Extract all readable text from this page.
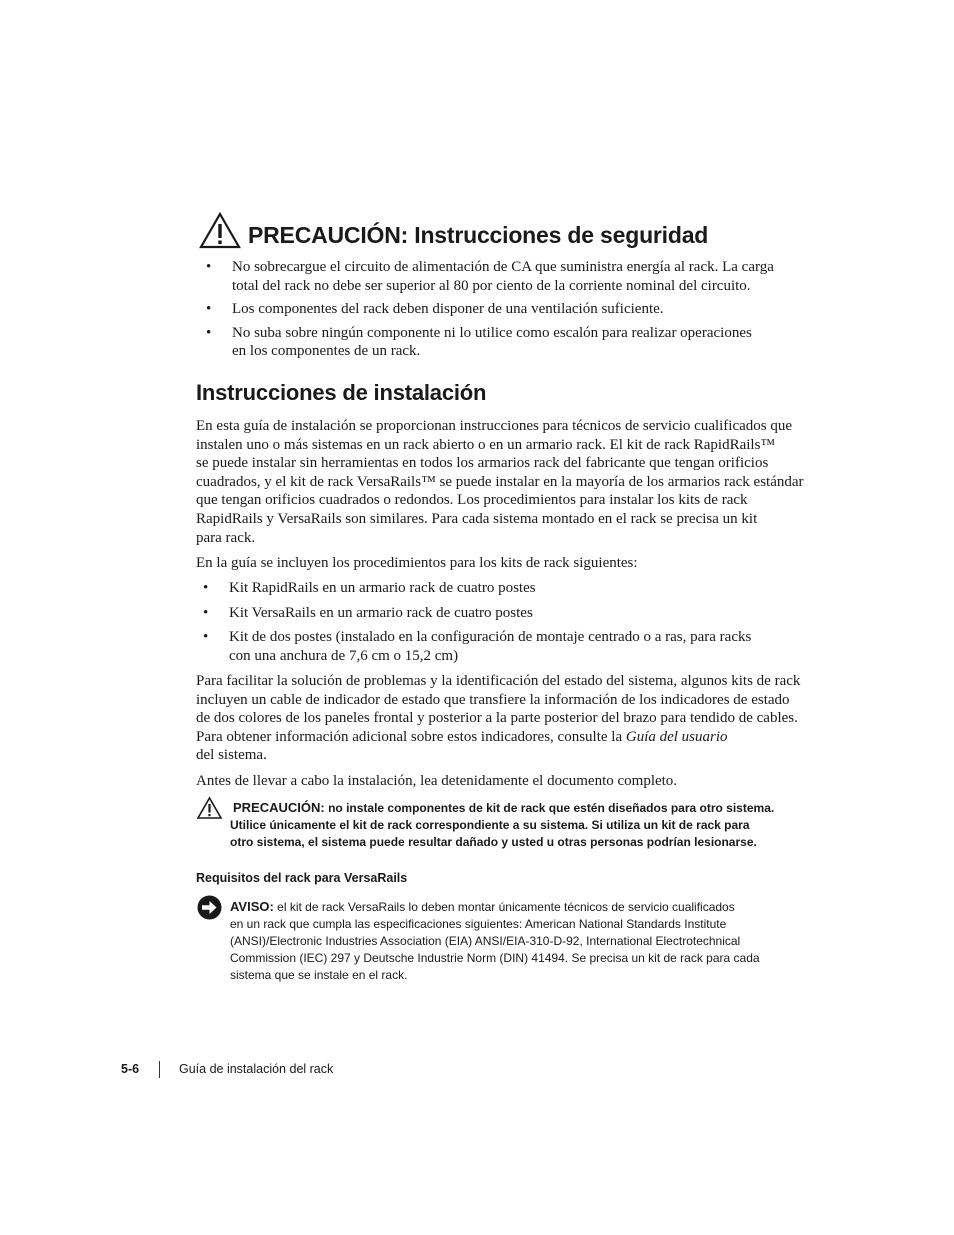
PRECAUCIÓN: Instrucciones de seguridad
• No sobrecargue el circuito de alimentación de CA que suministra energía al rack. La carga
total del rack no debe ser superior al 80 por ciento de la corriente nominal del circuito.
• Los componentes del rack deben disponer de una ventilación suficiente.
• No suba sobre ningún componente ni lo utilice como escalón para realizar operaciones
en los componentes de un rack.
Instrucciones de instalación
En esta guía de instalación se proporcionan instrucciones para técnicos de servicio cualificados que
instalen uno o más sistemas en un rack abierto o en un armario rack. El kit de rack RapidRails™
se puede instalar sin herramientas en todos los armarios rack del fabricante que tengan orificios
cuadrados, y el kit de rack VersaRails™ se puede instalar en la mayoría de los armarios rack estándar
que tengan orificios cuadrados o redondos. Los procedimientos para instalar los kits de rack
RapidRails y VersaRails son similares. Para cada sistema montado en el rack se precisa un kit
para rack.
En la guía se incluyen los procedimientos para los kits de rack siguientes:
• Kit RapidRails en un armario rack de cuatro postes
• Kit VersaRails en un armario rack de cuatro postes
• Kit de dos postes (instalado en la configuración de montaje centrado o a ras, para racks
con una anchura de 7,6 cm o 15,2 cm)
Para facilitar la solución de problemas y la identificación del estado del sistema, algunos kits de rack
incluyen un cable de indicador de estado que transfiere la información de los indicadores de estado
de dos colores de los paneles frontal y posterior a la parte posterior del brazo para tendido de cables.
Para obtener información adicional sobre estos indicadores, consulte la Guía del usuario
del sistema.
Antes de llevar a cabo la instalación, lea detenidamente el documento completo.
PRECAUCIÓN: no instale componentes de kit de rack que estén diseñados para otro sistema.
Utilice únicamente el kit de rack correspondiente a su sistema. Si utiliza un kit de rack para
otro sistema, el sistema puede resultar dañado y usted u otras personas podrían lesionarse.
Requisitos del rack para VersaRails
AVISO: el kit de rack VersaRails lo deben montar únicamente técnicos de servicio cualificados
en un rack que cumpla las especificaciones siguientes: American National Standards Institute
(ANSI)/Electronic Industries Association (EIA) ANSI/EIA-310-D-92, International Electrotechnical
Commission (IEC) 297 y Deutsche Industrie Norm (DIN) 41494. Se precisa un kit de rack para cada
sistema que se instale en el rack.
5-6	Guía de instalación del rack
